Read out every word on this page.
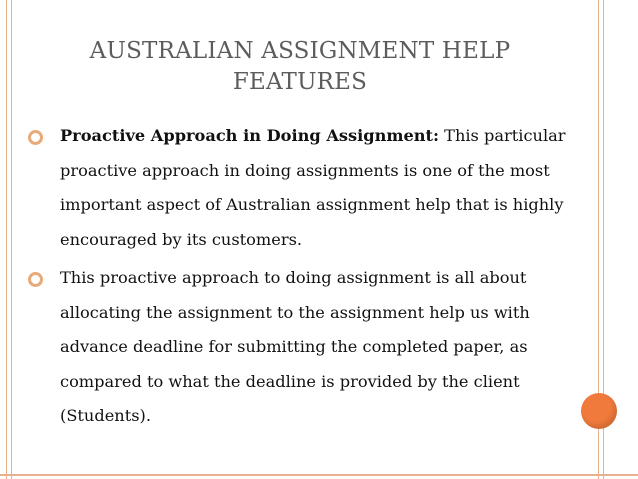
AUSTRALIAN ASSIGNMENT HELP
FEATURES
Proactive Approach in Doing Assignment: This particular proactive approach in doing assignments is one of the most important aspect of Australian assignment help that is highly encouraged by its customers.
This proactive approach to doing assignment is all about allocating the assignment to the assignment help us with advance deadline for submitting the completed paper, as compared to what the deadline is provided by the client (Students).
